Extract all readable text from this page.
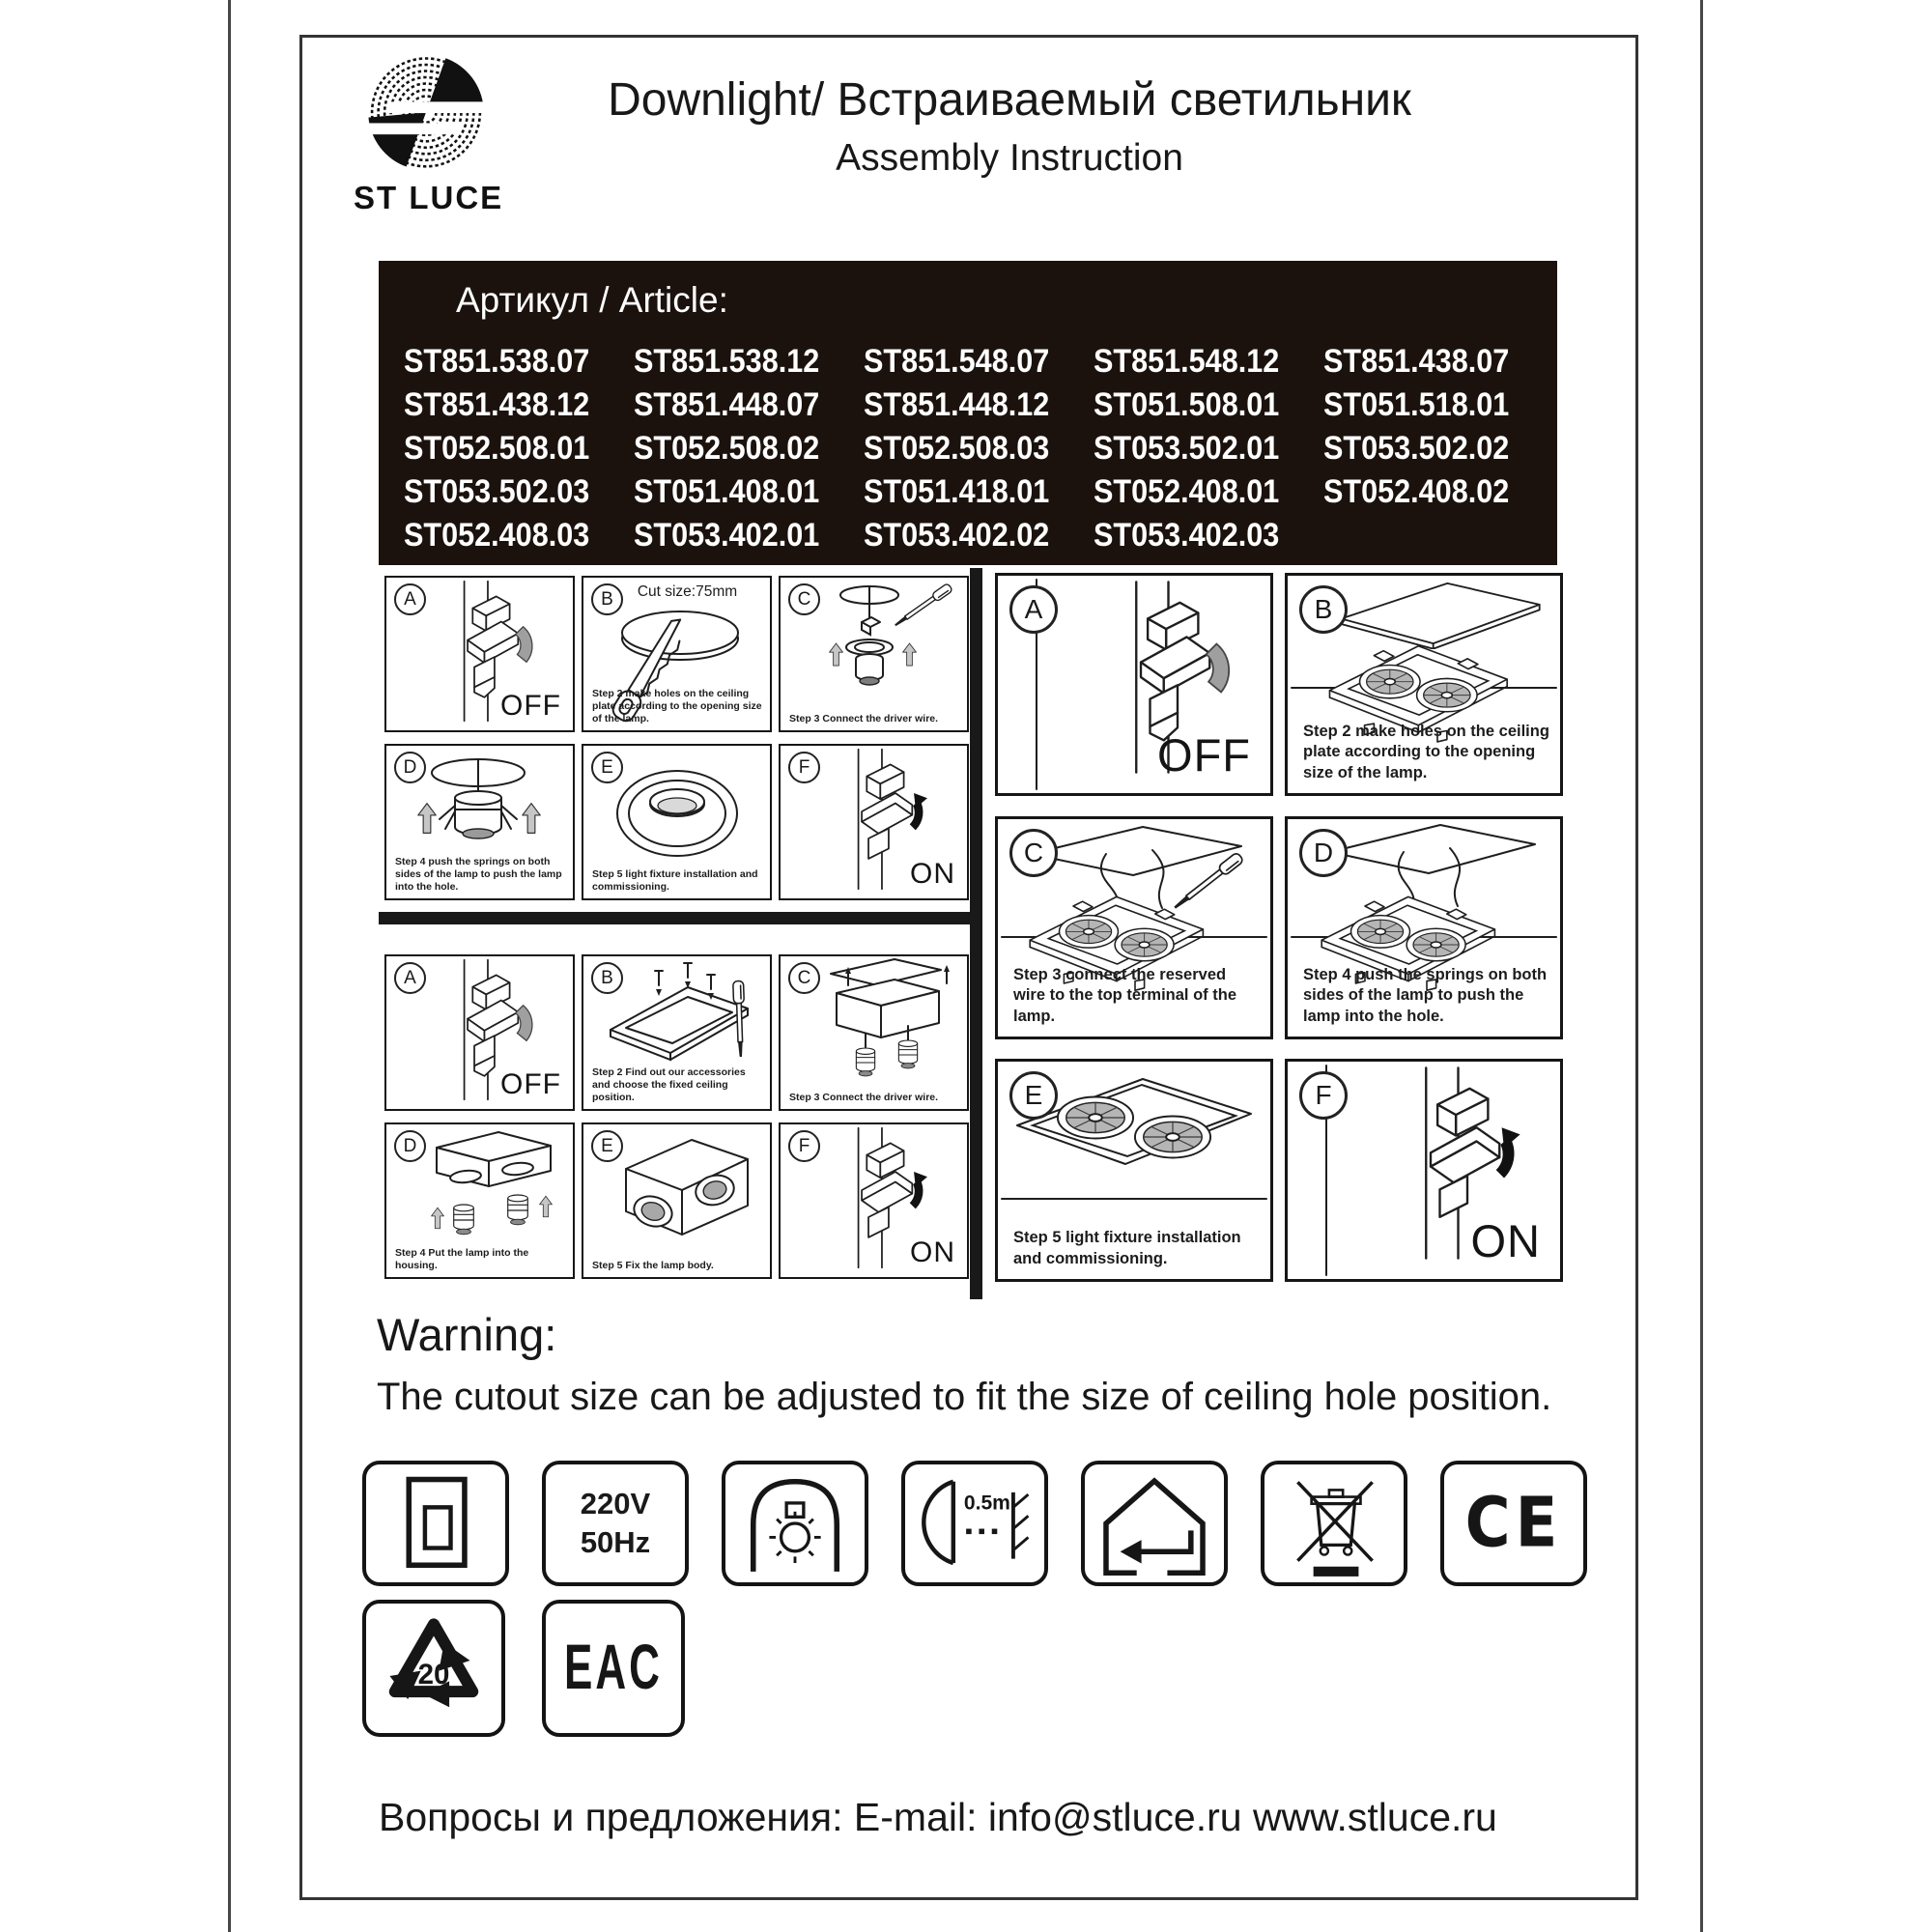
ST LUCE
Downlight/ Встраиваемый светильник
Assembly Instruction
Артикул / Article:
ST851.538.07	ST851.538.12	ST851.548.07	ST851.548.12	ST851.438.07
ST851.438.12	ST851.448.07	ST851.448.12	ST051.508.01	ST051.518.01
ST052.508.01	ST052.508.02	ST052.508.03	ST053.502.01	ST053.502.02
ST053.502.03	ST051.408.01	ST051.418.01	ST052.408.01	ST052.408.02
ST052.408.03	ST053.402.01	ST053.402.02	ST053.402.03
A
OFF
B	Cut size:75mm
Step 2 make holes on the ceiling plate according to the opening size of the lamp.
C
Step 3 Connect the driver wire.
D
Step 4 push the springs on both sides of the lamp to push the lamp into the hole.
E
Step 5 light fixture installation and commissioning.
F
ON
A
OFF
B
Step 2 Find out our accessories and choose the fixed ceiling position.
C
Step 3 Connect the driver wire.
D
Step 4 Put the lamp into the housing.
E
Step 5 Fix the lamp body.
F
ON
A
OFF
B
Step 2 make holes on the ceiling plate according to the opening size of the lamp.
C
Step 3 connect the reserved wire to the top terminal of the lamp.
D
Step 4 push the springs on both sides of the lamp to push the lamp into the hole.
E
Step 5 light fixture installation and commissioning.
F
ON
Warning:
The cutout size can be adjusted to fit the size of ceiling hole position.
220V
50Hz
0.5m	CE
20	EAC
Вопросы и предложения: E-mail: info@stluce.ru www.stluce.ru
